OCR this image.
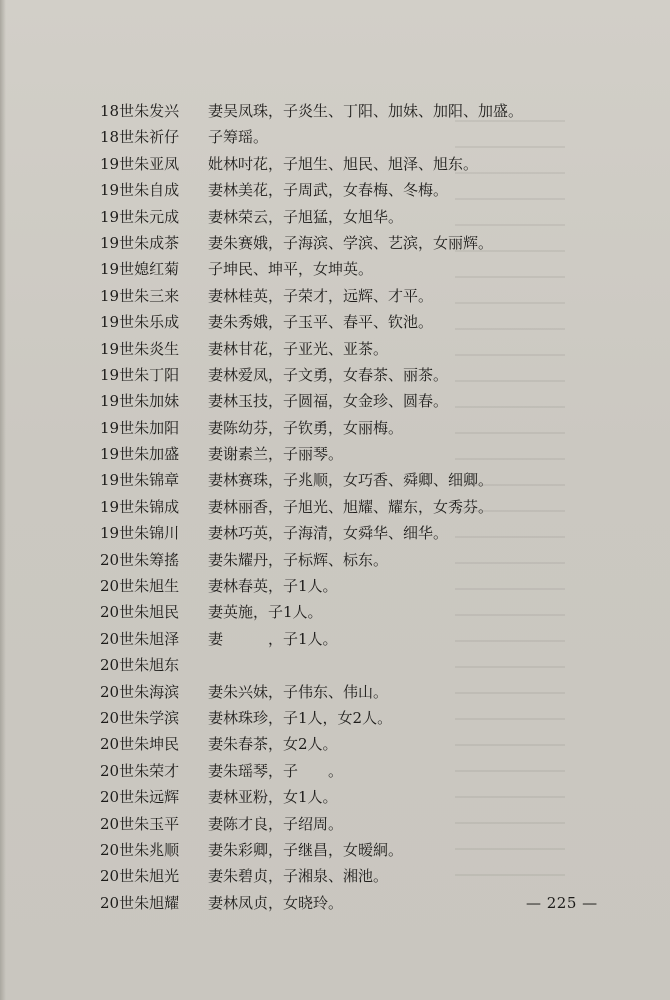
18世朱发兴	妻吴凤珠，子炎生、丁阳、加妹、加阳、加盛。
18世朱祈仔	子筹瑶。
19世朱亚凤	妣林吋花，子旭生、旭民、旭泽、旭东。
19世朱自成	妻林美花，子周武，女春梅、冬梅。
19世朱元成	妻林荣云，子旭猛，女旭华。
19世朱成茶	妻朱赛娥，子海滨、学滨、艺滨，女丽辉。
19世媳红菊	子坤民、坤平，女坤英。
19世朱三来	妻林桂英，子荣才，远辉、才平。
19世朱乐成	妻朱秀娥，子玉平、春平、钦池。
19世朱炎生	妻林甘花，子亚光、亚茶。
19世朱丁阳	妻林爱凤，子文勇，女春茶、丽茶。
19世朱加妹	妻林玉技，子圆福，女金珍、圆春。
19世朱加阳	妻陈幼芬，子钦勇，女丽梅。
19世朱加盛	妻谢素兰，子丽琴。
19世朱锦章	妻林赛珠，子兆顺，女巧香、舜卿、细卿。
19世朱锦成	妻林丽香，子旭光、旭耀、耀东，女秀芬。
19世朱锦川	妻林巧英，子海清，女舜华、细华。
20世朱筹搖	妻朱耀丹，子标辉、标东。
20世朱旭生	妻林春英，子1人。
20世朱旭民	妻英施，子1人。
20世朱旭泽	妻　　　，子1人。
20世朱旭东
20世朱海滨	妻朱兴妹，子伟东、伟山。
20世朱学滨	妻林珠珍，子1人，女2人。
20世朱坤民	妻朱春茶，女2人。
20世朱荣才	妻朱瑶琴，子　　。
20世朱远辉	妻林亚粉，女1人。
20世朱玉平	妻陈才良，子绍周。
20世朱兆顺	妻朱彩卿，子继昌，女暧絅。
20世朱旭光	妻朱碧贞，子湘泉、湘池。
20世朱旭耀	妻林凤贞，女晓玲。	— 225 —
